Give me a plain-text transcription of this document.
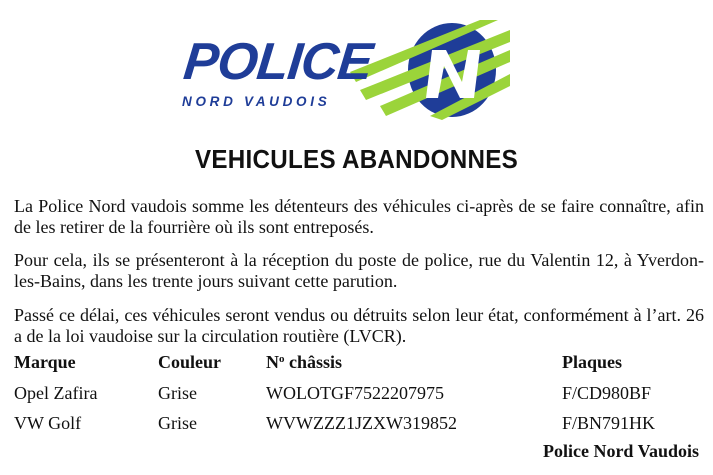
POLICE
NORD VAUDOIS
VEHICULES ABANDONNES
La Police Nord vaudois somme les détenteurs des véhicules ci-après de se faire connaître, afin de les retirer de la fourrière où ils sont entreposés.
Pour cela, ils se présenteront à la réception du poste de police, rue du Valentin 12, à Yverdon-les-Bains, dans les trente jours suivant cette parution.
Passé ce délai, ces véhicules seront vendus ou détruits selon leur état, conformément à l’art. 26 a de la loi vaudoise sur la circulation routière (LVCR).
Marque	Couleur	$N^o$ châssis	Plaques
Opel Zafira	Grise	WOLOTGF7522207975	F/CD980BF
VW Golf	Grise	WVWZZZ1JZXW319852	F/BN791HK
Police Nord Vaudois
